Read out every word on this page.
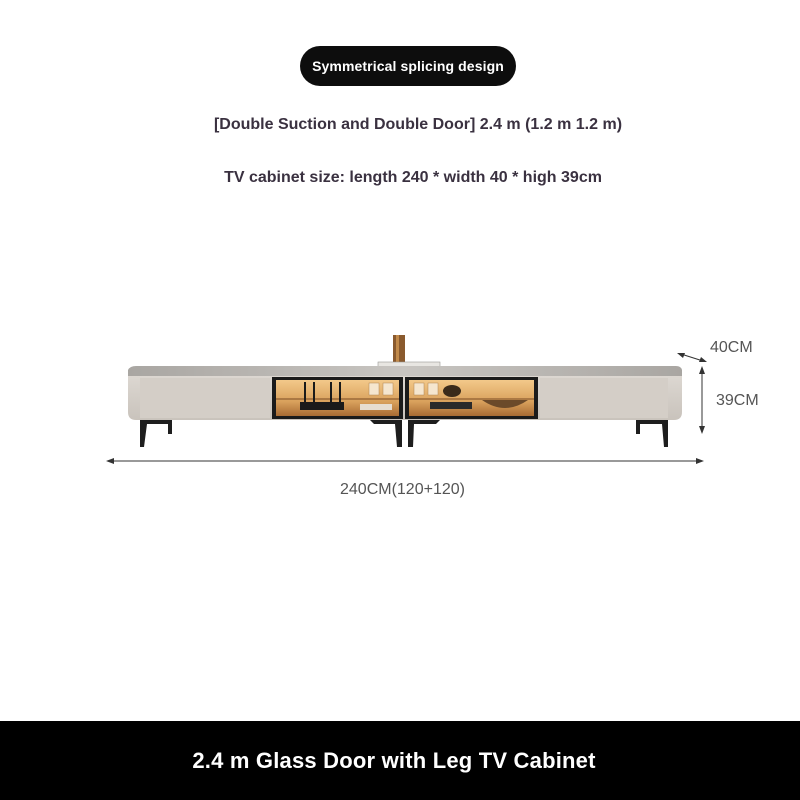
Symmetrical splicing design
[Double Suction and Double Door] 2.4 m (1.2 m 1.2 m)
TV cabinet size: length 240 * width 40 * high 39cm
40CM
39CM
240CM(120+120)
2.4 m Glass Door with Leg TV Cabinet
